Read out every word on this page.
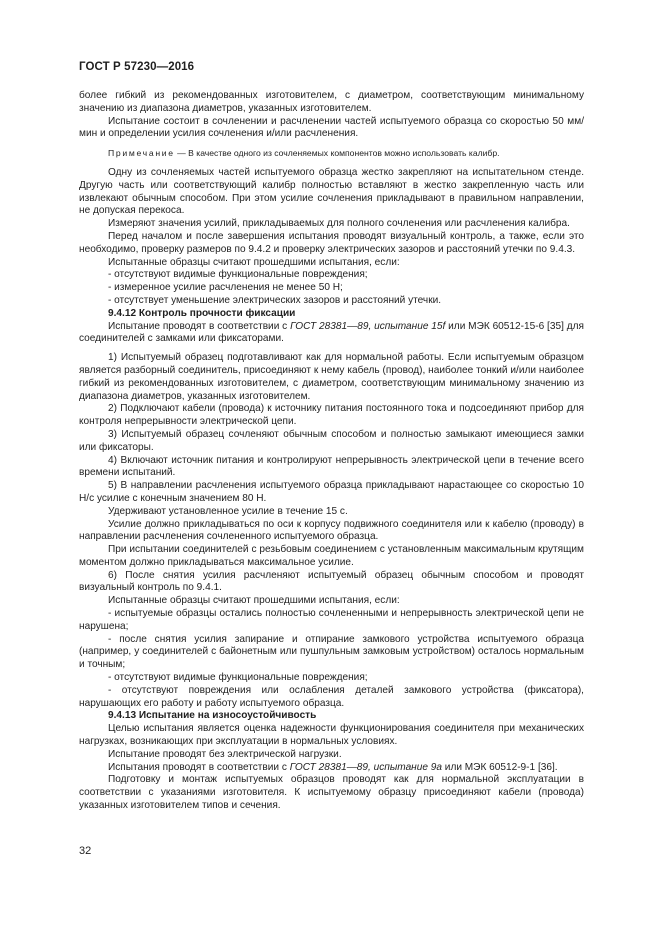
ГОСТ Р 57230—2016

более гибкий из рекомендованных изготовителем, с диаметром, соответствующим минимальному значению из диапазона диаметров, указанных изготовителем.

Испытание состоит в сочленении и расчленении частей испытуемого образца со скоростью 50 мм/мин и определении усилия сочленения и/или расчленения.

Примечание — В качестве одного из сочленяемых компонентов можно использовать калибр.

Одну из сочленяемых частей испытуемого образца жестко закрепляют на испытательном стенде. Другую часть или соответствующий калибр полностью вставляют в жестко закрепленную часть или извлекают обычным способом. При этом усилие сочленения прикладывают в правильном направлении, не допуская перекоса.

Измеряют значения усилий, прикладываемых для полного сочленения или расчленения калибра.

Перед началом и после завершения испытания проводят визуальный контроль, а также, если это необходимо, проверку размеров по 9.4.2 и проверку электрических зазоров и расстояний утечки по 9.4.3.

Испытанные образцы считают прошедшими испытания, если:

- отсутствуют видимые функциональные повреждения;

- измеренное усилие расчленения не менее 50 Н;

- отсутствует уменьшение электрических зазоров и расстояний утечки.

9.4.12 Контроль прочности фиксации

Испытание проводят в соответствии с ГОСТ 28381—89, испытание 15f или МЭК 60512-15-6 [35] для соединителей с замками или фиксаторами.

1) Испытуемый образец подготавливают как для нормальной работы. Если испытуемым образцом является разборный соединитель, присоединяют к нему кабель (провод), наиболее тонкий и/или наиболее гибкий из рекомендованных изготовителем, с диаметром, соответствующим минимальному значению из диапазона диаметров, указанных изготовителем.

2) Подключают кабели (провода) к источнику питания постоянного тока и подсоединяют прибор для контроля непрерывности электрической цепи.

3) Испытуемый образец сочленяют обычным способом и полностью замыкают имеющиеся замки или фиксаторы.

4) Включают источник питания и контролируют непрерывность электрической цепи в течение всего времени испытаний.

5) В направлении расчленения испытуемого образца прикладывают нарастающее со скоростью 10 Н/с усилие с конечным значением 80 Н.

Удерживают установленное усилие в течение 15 с.

Усилие должно прикладываться по оси к корпусу подвижного соединителя или к кабелю (проводу) в направлении расчленения сочлененного испытуемого образца.

При испытании соединителей с резьбовым соединением с установленным максимальным крутящим моментом должно прикладываться максимальное усилие.

6) После снятия усилия расчленяют испытуемый образец обычным способом и проводят визуальный контроль по 9.4.1.

Испытанные образцы считают прошедшими испытания, если:

- испытуемые образцы остались полностью сочлененными и непрерывность электрической цепи не нарушена;

- после снятия усилия запирание и отпирание замкового устройства испытуемого образца (например, у соединителей с байонетным или пушпульным замковым устройством) осталось нормальным и точным;

- отсутствуют видимые функциональные повреждения;

- отсутствуют повреждения или ослабления деталей замкового устройства (фиксатора), нарушающих его работу и работу испытуемого образца.

9.4.13 Испытание на износоустойчивость

Целью испытания является оценка надежности функционирования соединителя при механических нагрузках, возникающих при эксплуатации в нормальных условиях.

Испытание проводят без электрической нагрузки.

Испытания проводят в соответствии с ГОСТ 28381—89, испытание 9a или МЭК 60512-9-1 [36].

Подготовку и монтаж испытуемых образцов проводят как для нормальной эксплуатации в соответствии с указаниями изготовителя. К испытуемому образцу присоединяют кабели (провода) указанных изготовителем типов и сечения.

32
